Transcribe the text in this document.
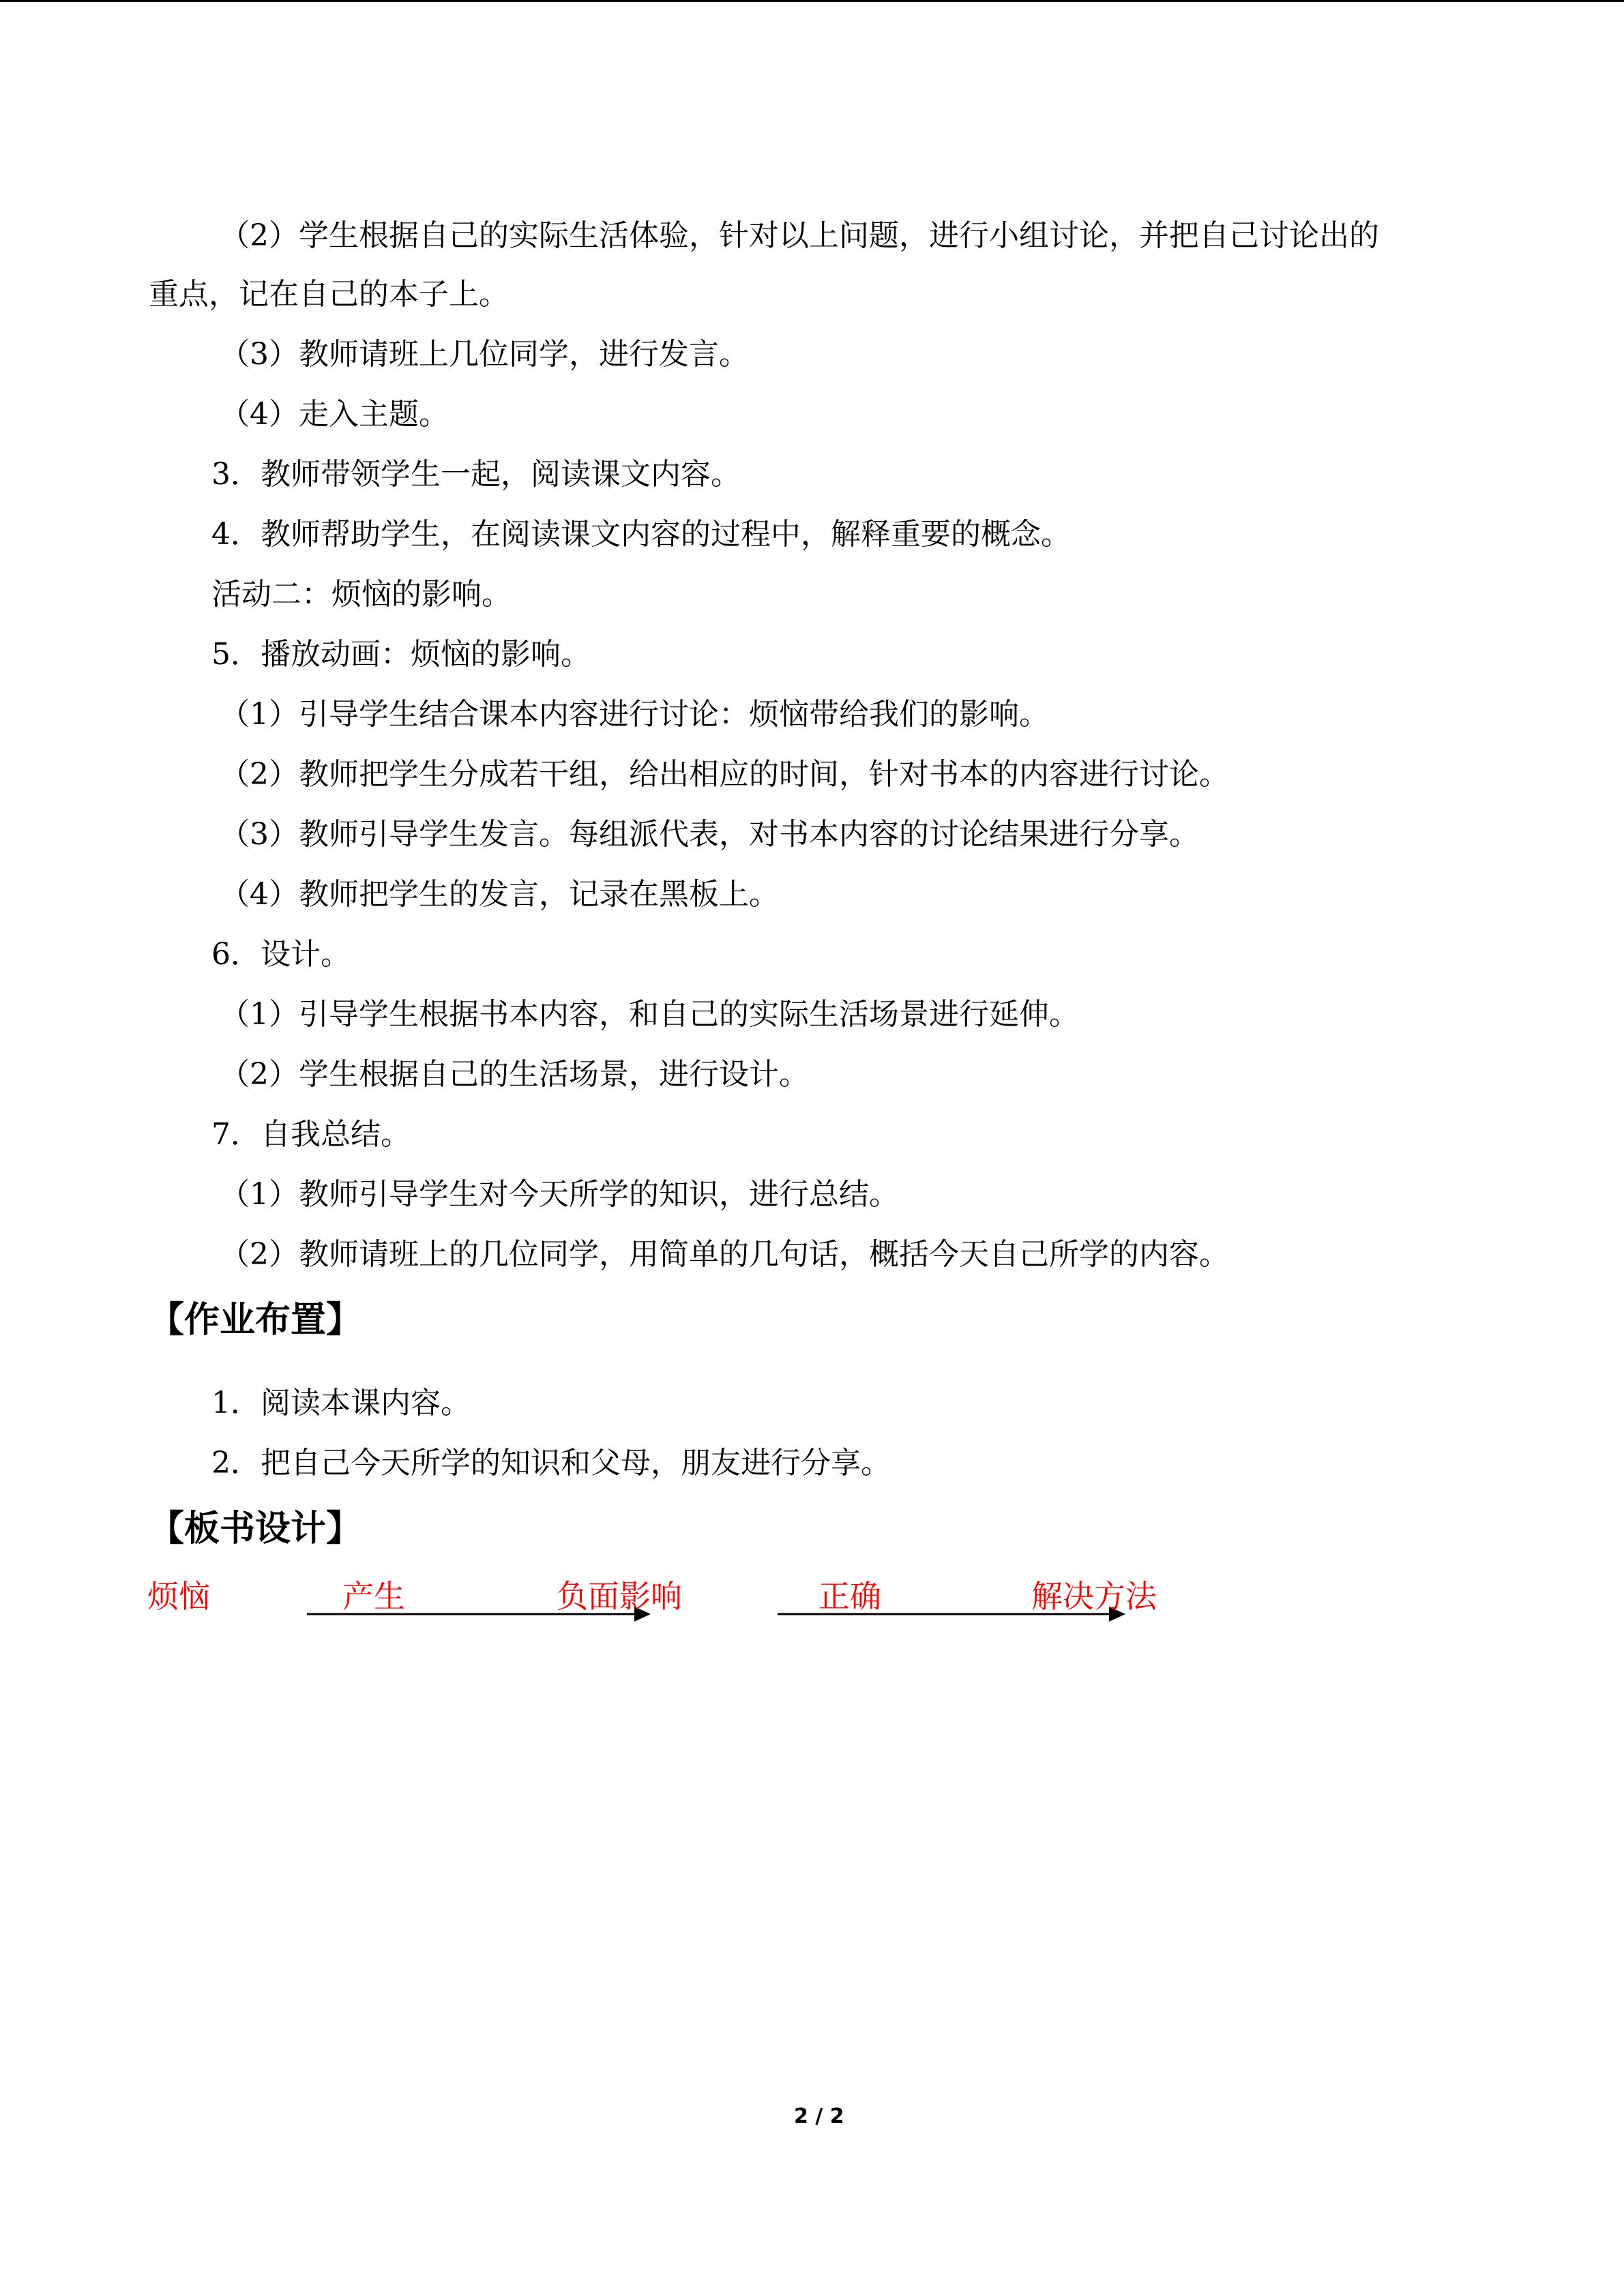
（2）学生根据自己的实际生活体验，针对以上问题，进行小组讨论，并把自己讨论出的
重点，记在自己的本子上。
（3）教师请班上几位同学，进行发言。
（4）走入主题。
3．教师带领学生一起，阅读课文内容。
4．教师帮助学生，在阅读课文内容的过程中，解释重要的概念。
活动二：烦恼的影响。
5．播放动画：烦恼的影响。
（1）引导学生结合课本内容进行讨论：烦恼带给我们的影响。
（2）教师把学生分成若干组，给出相应的时间，针对书本的内容进行讨论。
（3）教师引导学生发言。每组派代表，对书本内容的讨论结果进行分享。
（4）教师把学生的发言，记录在黑板上。
6．设计。
（1）引导学生根据书本内容，和自己的实际生活场景进行延伸。
（2）学生根据自己的生活场景，进行设计。
7．自我总结。
（1）教师引导学生对今天所学的知识，进行总结。
（2）教师请班上的几位同学，用简单的几句话，概括今天自己所学的内容。
【作业布置】
1．阅读本课内容。
2．把自己今天所学的知识和父母，朋友进行分享。
【板书设计】
烦恼	产生	负面影响	正确	解决方法
2 / 2
